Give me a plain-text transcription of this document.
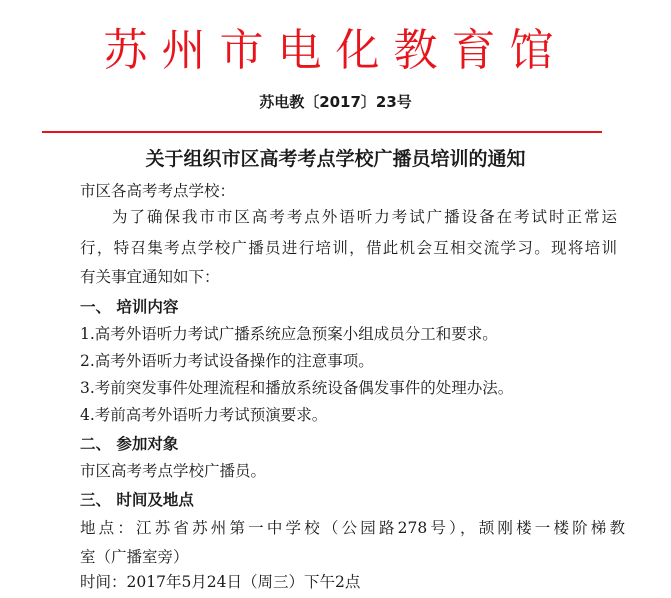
苏州市电化教育馆
苏电教〔2017〕23号
关于组织市区高考考点学校广播员培训的通知
市区各高考考点学校：
为了确保我市市区高考考点外语听力考试广播设备在考试时正常运
行，特召集考点学校广播员进行培训，借此机会互相交流学习。现将培训
有关事宜通知如下：
一、 培训内容
1.高考外语听力考试广播系统应急预案小组成员分工和要求。
2.高考外语听力考试设备操作的注意事项。
3.考前突发事件处理流程和播放系统设备偶发事件的处理办法。
4.考前高考外语听力考试预演要求。
二、 参加对象
市区高考考点学校广播员。
三、 时间及地点
地点：江苏省苏州第一中学校（公园路278号），颉刚楼一楼阶梯教
室（广播室旁）
时间：2017年5月24日（周三）下午2点
